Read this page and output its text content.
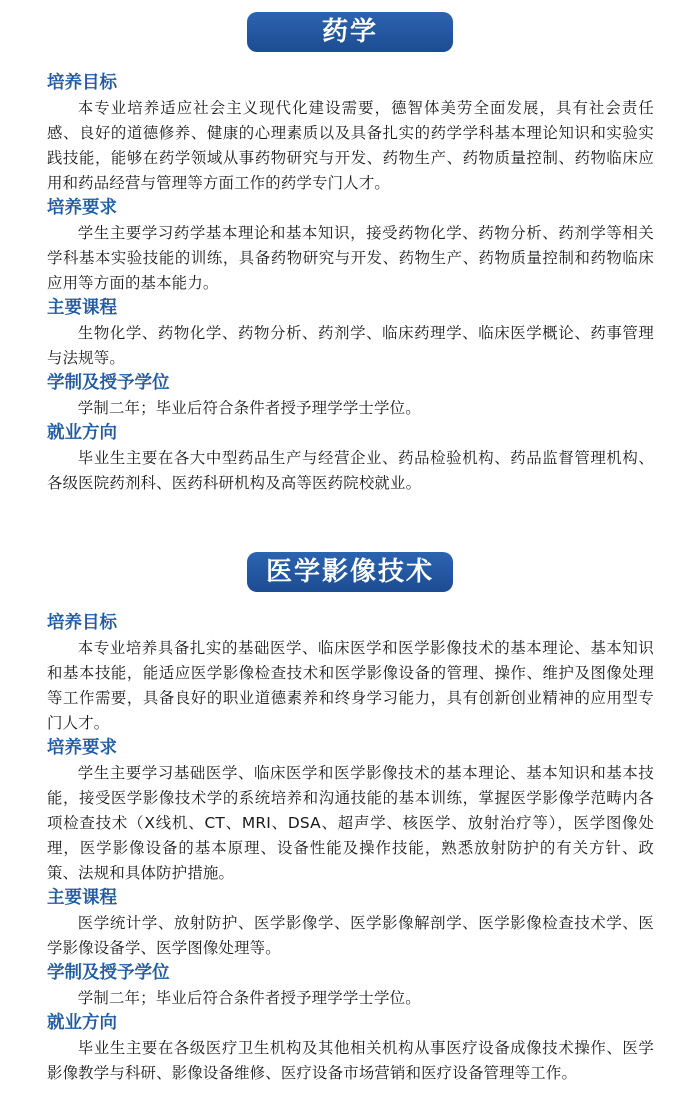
药学

培养目标

本专业培养适应社会主义现代化建设需要，德智体美劳全面发展，具有社会责任感、良好的道德修养、健康的心理素质以及具备扎实的药学学科基本理论知识和实验实践技能，能够在药学领域从事药物研究与开发、药物生产、药物质量控制、药物临床应用和药品经营与管理等方面工作的药学专门人才。

培养要求

学生主要学习药学基本理论和基本知识，接受药物化学、药物分析、药剂学等相关学科基本实验技能的训练，具备药物研究与开发、药物生产、药物质量控制和药物临床应用等方面的基本能力。

主要课程

生物化学、药物化学、药物分析、药剂学、临床药理学、临床医学概论、药事管理与法规等。

学制及授予学位

学制二年；毕业后符合条件者授予理学学士学位。

就业方向

毕业生主要在各大中型药品生产与经营企业、药品检验机构、药品监督管理机构、各级医院药剂科、医药科研机构及高等医药院校就业。

医学影像技术

培养目标

本专业培养具备扎实的基础医学、临床医学和医学影像技术的基本理论、基本知识和基本技能，能适应医学影像检查技术和医学影像设备的管理、操作、维护及图像处理等工作需要，具备良好的职业道德素养和终身学习能力，具有创新创业精神的应用型专门人才。

培养要求

学生主要学习基础医学、临床医学和医学影像技术的基本理论、基本知识和基本技能，接受医学影像技术学的系统培养和沟通技能的基本训练，掌握医学影像学范畴内各项检查技术（X线机、CT、MRI、DSA、超声学、核医学、放射治疗等），医学图像处理，医学影像设备的基本原理、设备性能及操作技能，熟悉放射防护的有关方针、政策、法规和具体防护措施。

主要课程

医学统计学、放射防护、医学影像学、医学影像解剖学、医学影像检查技术学、医学影像设备学、医学图像处理等。

学制及授予学位

学制二年；毕业后符合条件者授予理学学士学位。

就业方向

毕业生主要在各级医疗卫生机构及其他相关机构从事医疗设备成像技术操作、医学影像教学与科研、影像设备维修、医疗设备市场营销和医疗设备管理等工作。
